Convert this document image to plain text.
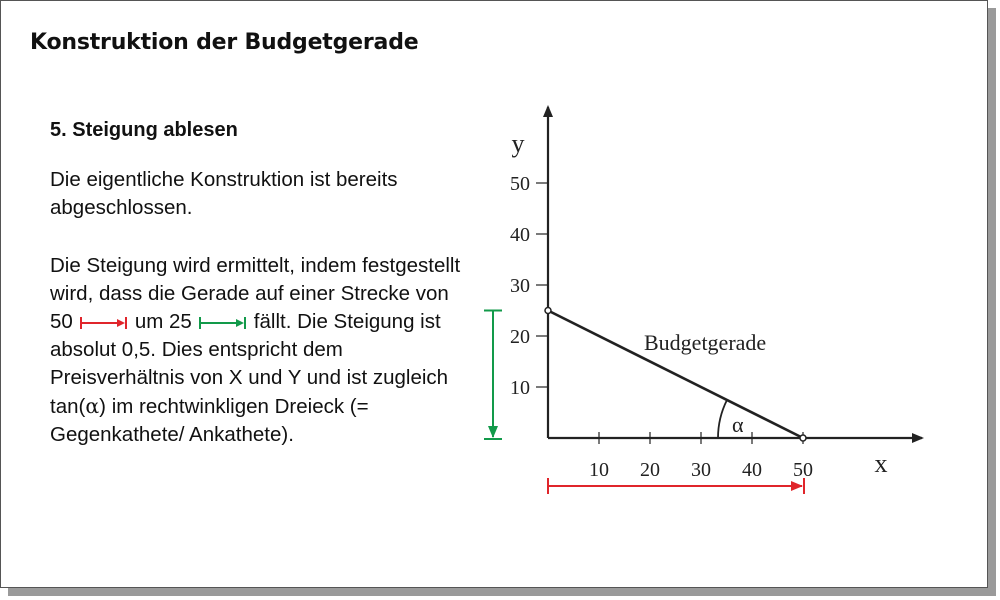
Konstruktion der Budgetgerade

5. Steigung ablesen

Die eigentliche Konstruktion ist bereits abgeschlossen.

Die Steigung wird ermittelt, indem festgestellt wird, dass die Gerade auf einer Strecke von 50	um 25	fällt. Die Steigung ist absolut 0,5. Dies entspricht dem Preisverhältnis von X und Y und ist zugleich tan(α) im rechtwinkligen Dreieck (= Gegenkathete/ Ankathete).

x
y
10 20 30 40 50
10
20
30
40
50
Budgetgerade
α
